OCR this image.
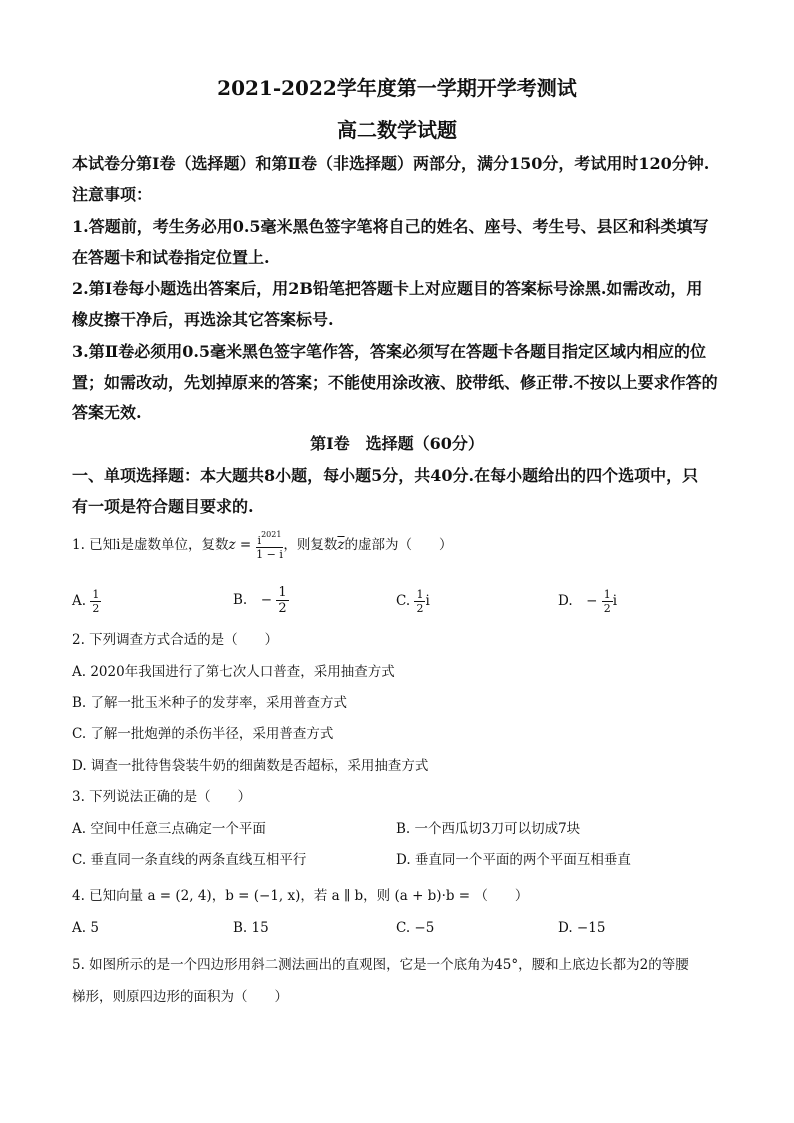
2021-2022学年度第一学期开学考测试
高二数学试题
本试卷分第Ⅰ卷（选择题）和第Ⅱ卷（非选择题）两部分，满分150分，考试用时120分钟.
注意事项：
1.答题前，考生务必用0.5毫米黑色签字笔将自己的姓名、座号、考生号、县区和科类填写
在答题卡和试卷指定位置上.
2.第Ⅰ卷每小题选出答案后，用2B铅笔把答题卡上对应题目的答案标号涂黑.如需改动，用
橡皮擦干净后，再选涂其它答案标号.
3.第Ⅱ卷必须用0.5毫米黑色签字笔作答，答案必须写在答题卡各题目指定区域内相应的位
置；如需改动，先划掉原来的答案；不能使用涂改液、胶带纸、修正带.不按以上要求作答的
答案无效.
第Ⅰ卷　选择题（60分）
一、单项选择题：本大题共8小题，每小题5分，共40分.在每小题给出的四个选项中，只
有一项是符合题目要求的.
1. 已知i是虚数单位，复数$z = \frac{i^{2021}}{1 - i}$ ，则复数$\overline{z}$的虚部为（　　）
A. $\frac{1}{2}$	B.　− $\frac{1}{2}$	C. $\frac{1}{2}$ i	D.　− $\frac{1}{2}$ i
2. 下列调查方式合适的是（　　）
A. 2020年我国进行了第七次人口普查，采用抽查方式
B. 了解一批玉米种子的发芽率，采用普查方式
C. 了解一批炮弹的杀伤半径，采用普查方式
D. 调查一批待售袋装牛奶的细菌数是否超标，采用抽查方式
3. 下列说法正确的是（　　）
A. 空间中任意三点确定一个平面	B. 一个西瓜切3刀可以切成7块
C. 垂直同一条直线的两条直线互相平行	D. 垂直同一个平面的两个平面互相垂直
4. 已知向量 a = (2, 4)，b = (−1, x)，若 a ∥ b，则 (a + b)·b = （　　）
A. 5	B. 15	C. −5	D. −15
5. 如图所示的是一个四边形用斜二测法画出的直观图，它是一个底角为45°，腰和上底边长都为2的等腰
梯形，则原四边形的面积为（　　）
